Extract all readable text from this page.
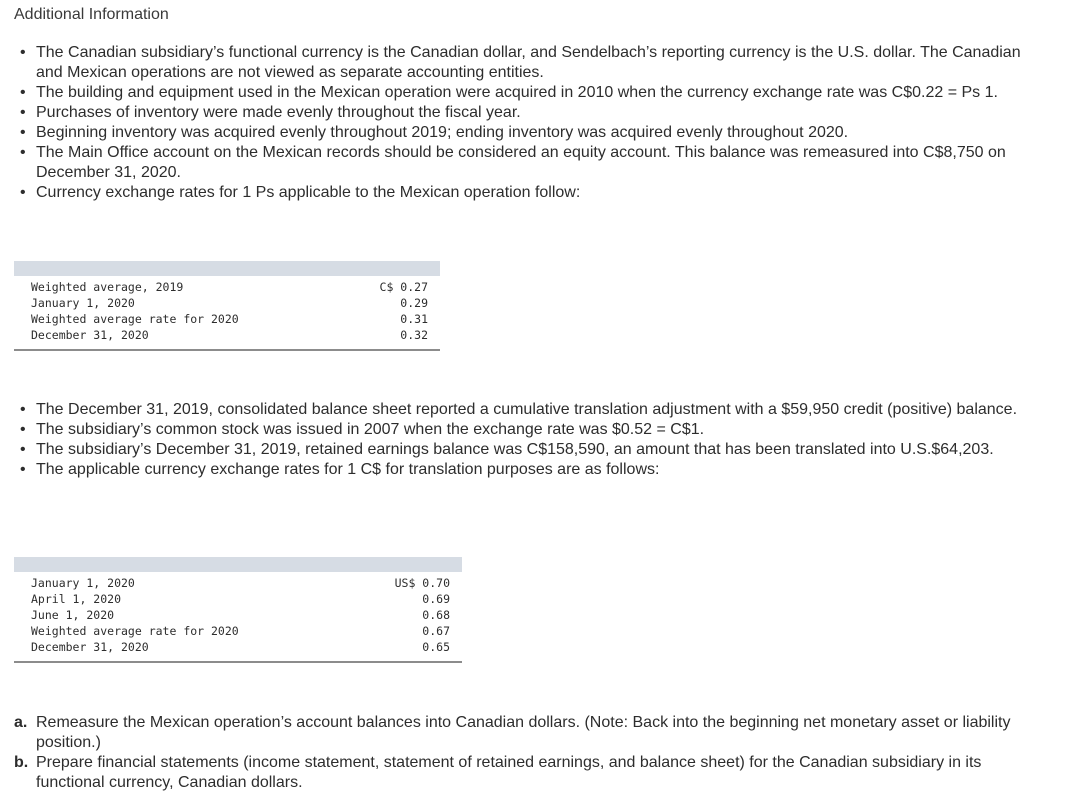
Additional Information
• The Canadian subsidiary’s functional currency is the Canadian dollar, and Sendelbach’s reporting currency is the U.S. dollar. The Canadian and Mexican operations are not viewed as separate accounting entities.
• The building and equipment used in the Mexican operation were acquired in 2010 when the currency exchange rate was C$0.22 = Ps 1.
• Purchases of inventory were made evenly throughout the fiscal year.
• Beginning inventory was acquired evenly throughout 2019; ending inventory was acquired evenly throughout 2020.
• The Main Office account on the Mexican records should be considered an equity account. This balance was remeasured into C$8,750 on December 31, 2020.
• Currency exchange rates for 1 Ps applicable to the Mexican operation follow:
Weighted average, 2019	C$ 0.27
January 1, 2020	0.29
Weighted average rate for 2020	0.31
December 31, 2020	0.32
• The December 31, 2019, consolidated balance sheet reported a cumulative translation adjustment with a $59,950 credit (positive) balance.
• The subsidiary’s common stock was issued in 2007 when the exchange rate was $0.52 = C$1.
• The subsidiary’s December 31, 2019, retained earnings balance was C$158,590, an amount that has been translated into U.S.$64,203.
• The applicable currency exchange rates for 1 C$ for translation purposes are as follows:
January 1, 2020	US$ 0.70
April 1, 2020	0.69
June 1, 2020	0.68
Weighted average rate for 2020	0.67
December 31, 2020	0.65
a. Remeasure the Mexican operation’s account balances into Canadian dollars. (Note: Back into the beginning net monetary asset or liability position.)
b. Prepare financial statements (income statement, statement of retained earnings, and balance sheet) for the Canadian subsidiary in its functional currency, Canadian dollars.
